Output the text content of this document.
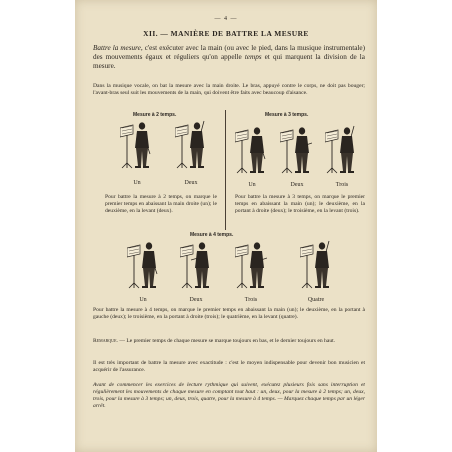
— 4 —

XII. — MANIÈRE DE BATTRE LA MESURE

Battre la mesure, c'est exécuter avec la main (ou avec le pied, dans la musique instrumentale) des mouvements égaux et réguliers qu'on appelle temps et qui marquent la division de la mesure.

Dans la musique vocale, on bat la mesure avec la main droite. Le bras, appuyé contre le corps, ne doit pas bouger; l'avant-bras seul suit les mouvements de la main, qui doivent être faits avec beaucoup d'aisance.

Mesure à 2 temps.

Un	Deux

Mesure à 3 temps.

Un	Deux	Trois

Pour battre la mesure à 2 temps, on marque le premier temps en abaissant la main droite (un); le deuxième, en la levant (deux).

Pour battre la mesure à 3 temps, on marque le premier temps en abaissant la main (un); le deuxième, en la portant à droite (deux); le troisième, en la levant (trois).

Mesure à 4 temps.

Un	Deux	Trois	Quatre

Pour battre la mesure à 4 temps, on marque le premier temps en abaissant la main (un); le deuxième, en la portant à gauche (deux); le troisième, en la portant à droite (trois); le quatrième, en la levant (quatre).

Remarque. — Le premier temps de chaque mesure se marque toujours en bas, et le dernier toujours en haut.

Il est très important de battre la mesure avec exactitude : c'est le moyen indispensable pour devenir bon musicien et acquérir de l'assurance.

Avant de commencer les exercices de lecture rythmique qui suivent, exécutez plusieurs fois sans interruption et régulièrement les mouvements de chaque mesure en comptant tout haut : un, deux, pour la mesure à 2 temps; un, deux, trois, pour la mesure à 3 temps; un, deux, trois, quatre, pour la mesure à 4 temps. — Marquez chaque temps par un léger arrêt.
